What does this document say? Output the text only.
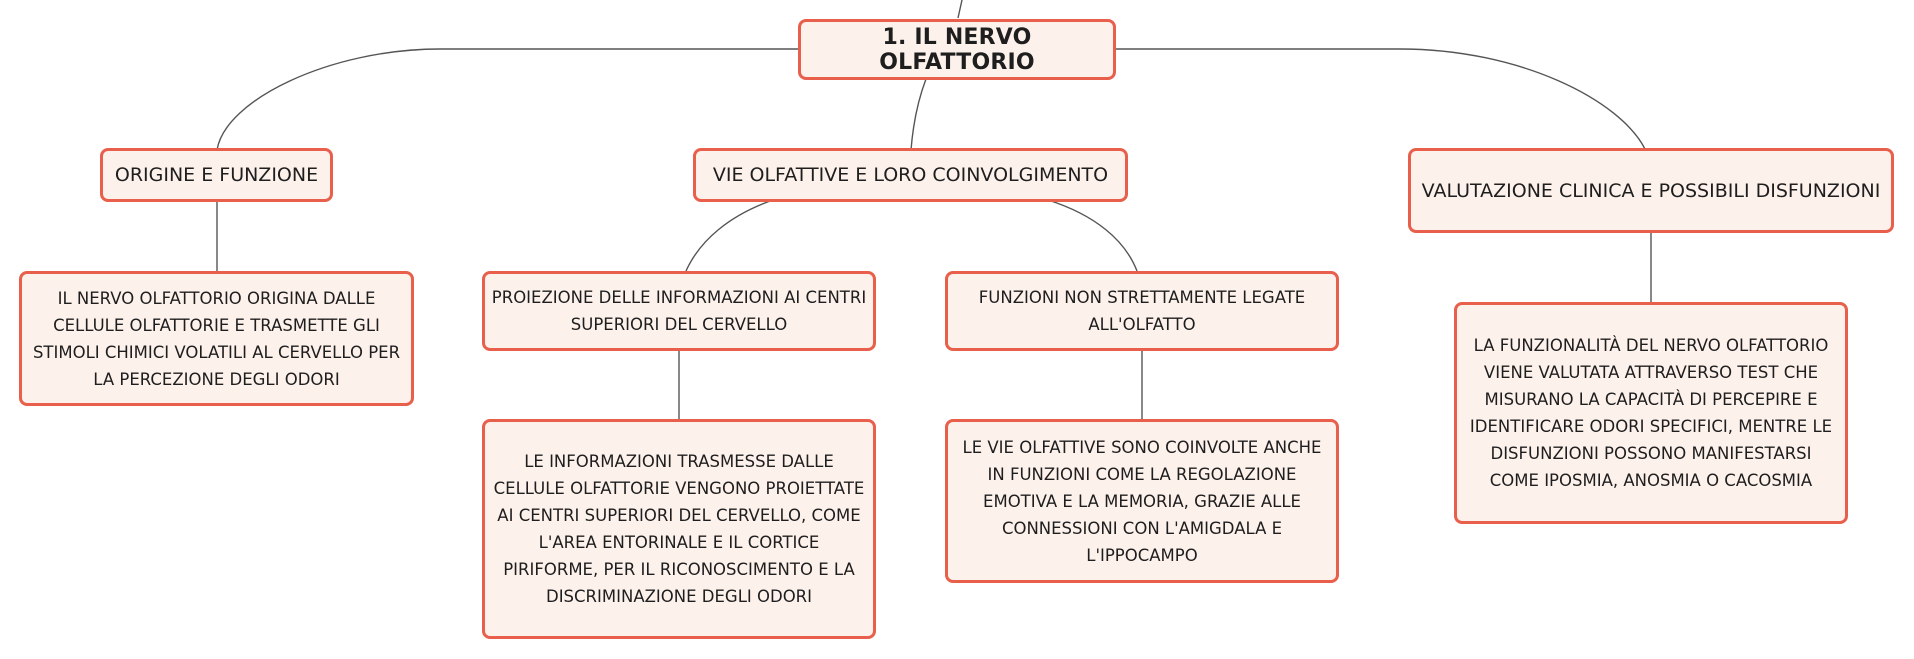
1. IL NERVO OLFATTORIO
ORIGINE E FUNZIONE
IL NERVO OLFATTORIO ORIGINA DALLE CELLULE OLFATTORIE E TRASMETTE GLI STIMOLI CHIMICI VOLATILI AL CERVELLO PER LA PERCEZIONE DEGLI ODORI
VIE OLFATTIVE E LORO COINVOLGIMENTO
PROIEZIONE DELLE INFORMAZIONI AI CENTRI SUPERIORI DEL CERVELLO
LE INFORMAZIONI TRASMESSE DALLE CELLULE OLFATTORIE VENGONO PROIETTATE AI CENTRI SUPERIORI DEL CERVELLO, COME L'AREA ENTORINALE E IL CORTICE PIRIFORME, PER IL RICONOSCIMENTO E LA DISCRIMINAZIONE DEGLI ODORI
FUNZIONI NON STRETTAMENTE LEGATE ALL'OLFATTO
LE VIE OLFATTIVE SONO COINVOLTE ANCHE IN FUNZIONI COME LA REGOLAZIONE EMOTIVA E LA MEMORIA, GRAZIE ALLE CONNESSIONI CON L'AMIGDALA E L'IPPOCAMPO
VALUTAZIONE CLINICA E POSSIBILI DISFUNZIONI
LA FUNZIONALITÀ DEL NERVO OLFATTORIO VIENE VALUTATA ATTRAVERSO TEST CHE MISURANO LA CAPACITÀ DI PERCEPIRE E IDENTIFICARE ODORI SPECIFICI, MENTRE LE DISFUNZIONI POSSONO MANIFESTARSI COME IPOSMIA, ANOSMIA O CACOSMIA
